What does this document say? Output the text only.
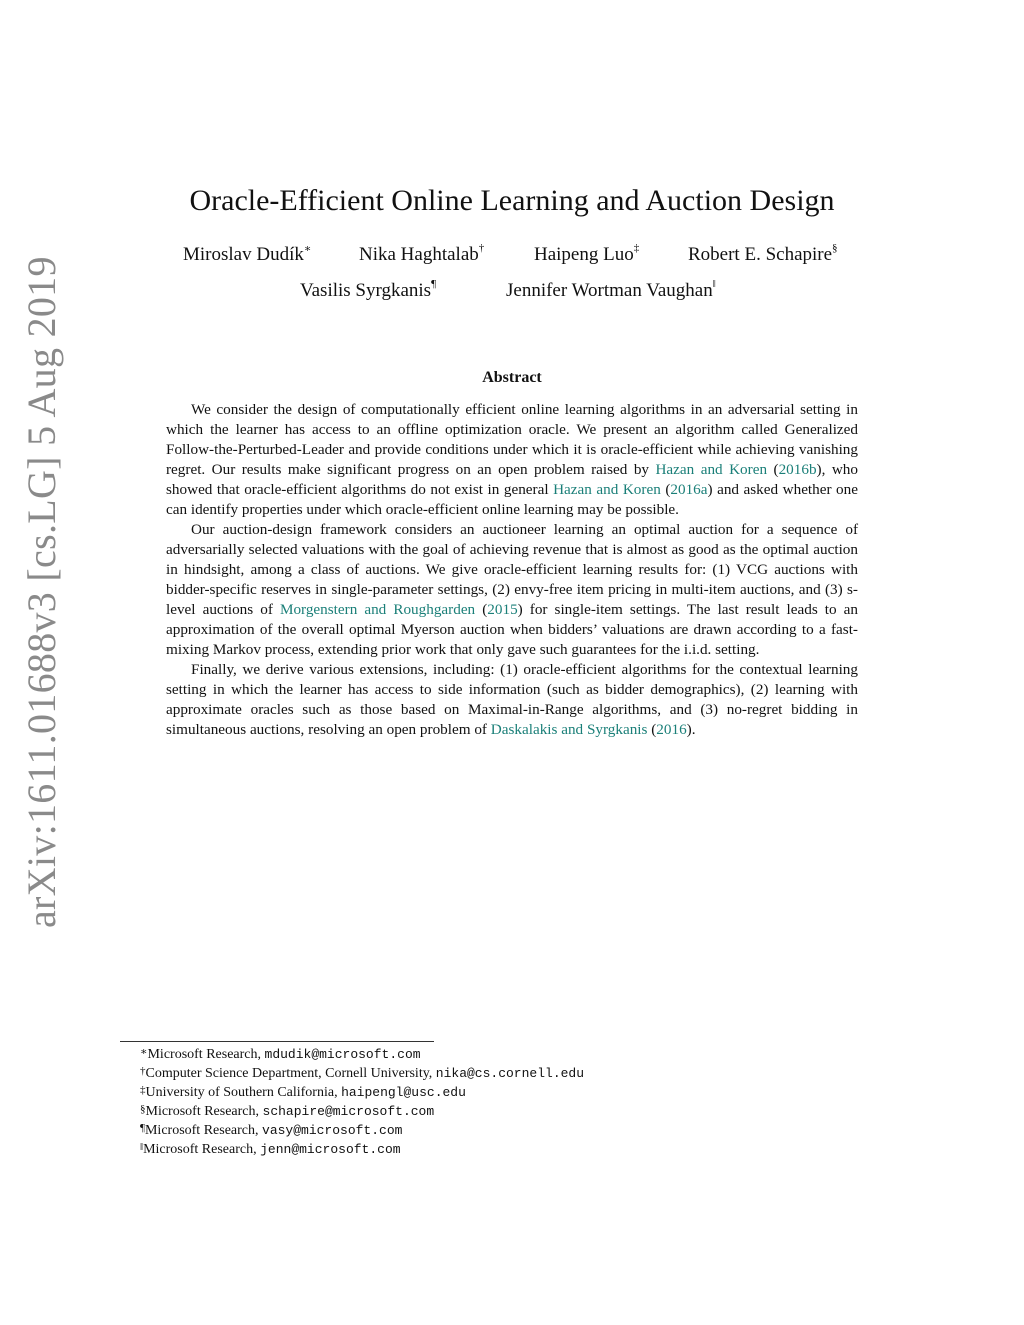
arXiv:1611.01688v3 [cs.LG] 5 Aug 2019
Oracle-Efficient Online Learning and Auction Design
Miroslav Dudík∗	Nika Haghtalab†	Haipeng Luo‡	Robert E. Schapire§
Vasilis Syrgkanis¶	Jennifer Wortman Vaughan‖
Abstract

We consider the design of computationally efficient online learning algorithms in an adversarial setting in which the learner has access to an offline optimization oracle. We present an algorithm called Generalized Follow-the-Perturbed-Leader and provide conditions under which it is oracle-efficient while achieving vanishing regret. Our results make significant progress on an open problem raised by Hazan and Koren (2016b), who showed that oracle-efficient algorithms do not exist in general Hazan and Koren (2016a) and asked whether one can identify properties under which oracle-efficient online learning may be possible.

Our auction-design framework considers an auctioneer learning an optimal auction for a sequence of adversarially selected valuations with the goal of achieving revenue that is almost as good as the optimal auction in hindsight, among a class of auctions. We give oracle-efficient learning results for: (1) VCG auctions with bidder-specific reserves in single-parameter settings, (2) envy-free item pricing in multi-item auctions, and (3) s-level auctions of Morgenstern and Roughgarden (2015) for single-item settings. The last result leads to an approximation of the overall optimal Myerson auction when bidders’ valuations are drawn according to a fast-mixing Markov process, extending prior work that only gave such guarantees for the i.i.d. setting.

Finally, we derive various extensions, including: (1) oracle-efficient algorithms for the contextual learning setting in which the learner has access to side information (such as bidder demographics), (2) learning with approximate oracles such as those based on Maximal-in-Range algorithms, and (3) no-regret bidding in simultaneous auctions, resolving an open problem of Daskalakis and Syrgkanis (2016).

∗Microsoft Research, mdudik@microsoft.com
†Computer Science Department, Cornell University, nika@cs.cornell.edu
‡University of Southern California, haipengl@usc.edu
§Microsoft Research, schapire@microsoft.com
¶Microsoft Research, vasy@microsoft.com
‖Microsoft Research, jenn@microsoft.com
